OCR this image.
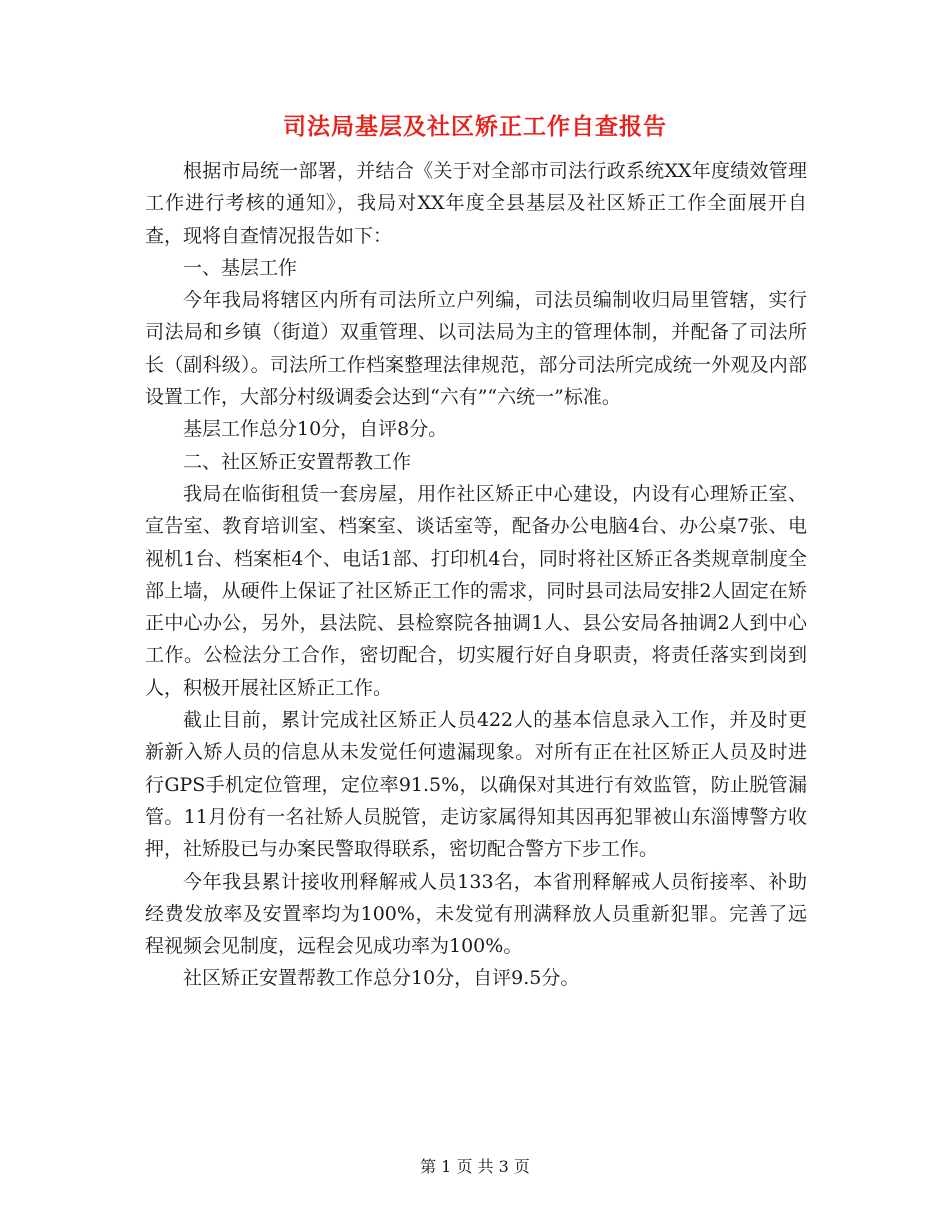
司法局基层及社区矫正工作自查报告

根据市局统一部署，并结合《关于对全部市司法行政系统XX年度绩效管理工作进行考核的通知》，我局对XX年度全县基层及社区矫正工作全面展开自查，现将自查情况报告如下：

一、基层工作

今年我局将辖区内所有司法所立户列编，司法员编制收归局里管辖，实行司法局和乡镇（街道）双重管理、以司法局为主的管理体制，并配备了司法所长（副科级）。司法所工作档案整理法律规范，部分司法所完成统一外观及内部设置工作，大部分村级调委会达到“六有”“六统一”标准。

基层工作总分10分，自评8分。

二、社区矫正安置帮教工作

我局在临街租赁一套房屋，用作社区矫正中心建设，内设有心理矫正室、宣告室、教育培训室、档案室、谈话室等，配备办公电脑4台、办公桌7张、电视机1台、档案柜4个、电话1部、打印机4台，同时将社区矫正各类规章制度全部上墙，从硬件上保证了社区矫正工作的需求，同时县司法局安排2人固定在矫正中心办公，另外，县法院、县检察院各抽调1人、县公安局各抽调2人到中心工作。公检法分工合作，密切配合，切实履行好自身职责，将责任落实到岗到人，积极开展社区矫正工作。

截止目前，累计完成社区矫正人员422人的基本信息录入工作，并及时更新新入矫人员的信息从未发觉任何遗漏现象。对所有正在社区矫正人员及时进行GPS手机定位管理，定位率91.5%，以确保对其进行有效监管，防止脱管漏管。11月份有一名社矫人员脱管，走访家属得知其因再犯罪被山东淄博警方收押，社矫股已与办案民警取得联系，密切配合警方下步工作。

今年我县累计接收刑释解戒人员133名，本省刑释解戒人员衔接率、补助经费发放率及安置率均为100%，未发觉有刑满释放人员重新犯罪。完善了远程视频会见制度，远程会见成功率为100%。

社区矫正安置帮教工作总分10分，自评9.5分。

第 1 页 共 3 页
